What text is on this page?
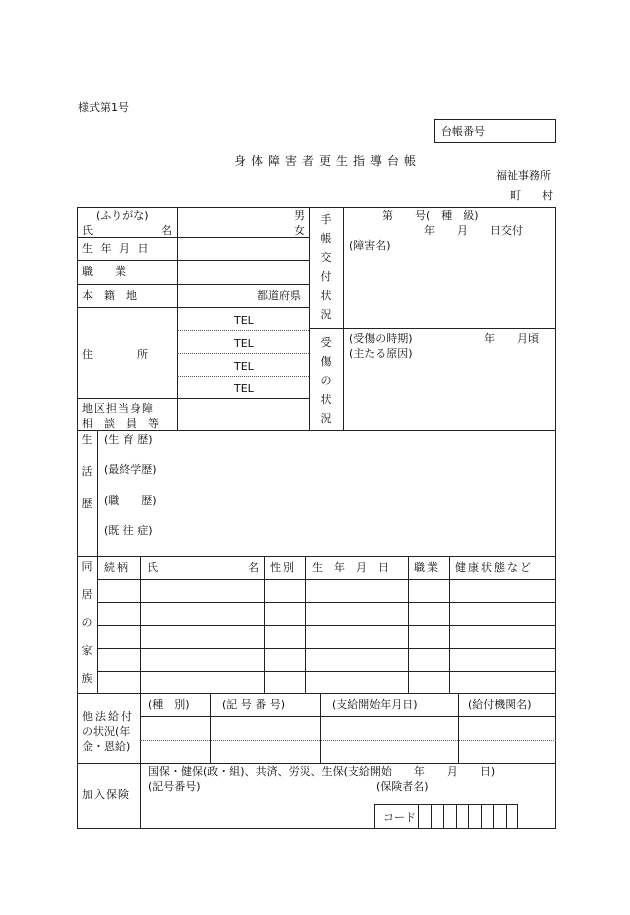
様式第1号
台帳番号
身体障害者更生指導台帳
福祉事務所
町 村
(ふりがな)
氏	名
男
女
生 年 月 日
職　　業
本　籍　地	都道府県
住　　　　所
TEL
TEL
TEL
TEL
地区担当身障
相　談　員　等
手
帳
交
付
状
況
第　　号(　種　級)
年　　月　　日交付
(障害名)
受
傷
の
状
況
(受傷の時期)	年　　月頃
(主たる原因)
生
活
歴
(生 育 歴)
(最終学歴)
(職　　歴)
(既 往 症)
同
居
の
家
族
続柄 氏	名 性別 生　年　月　日 職業 健康状態など
他法給付
の状況(年
金・恩給)
(種　別)	(記 号 番 号)	(支給開始年月日)	(給付機関名)
加入保険
国保・健保(政・組)、共済、労災、生保(支給開始　　年　　月　　日)
(記号番号)	(保険者名)
コード
